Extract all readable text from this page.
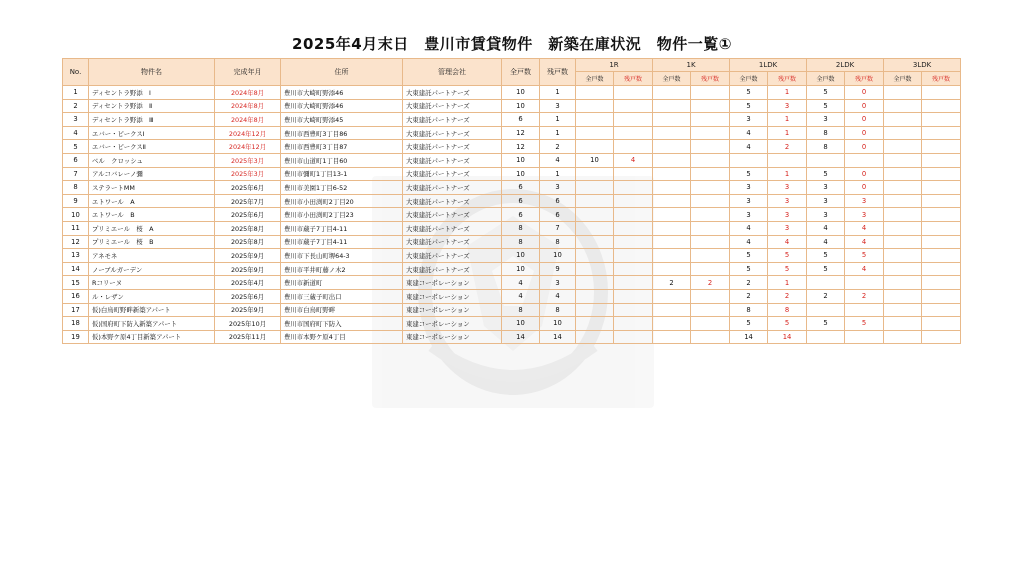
2025年4月末日　豊川市賃貸物件　新築在庫状況　物件一覧①
No.	物件名	完成年月	住所	管理会社	全戸数	残戸数	1R		1K		1LDK		2LDK		3LDK	
							全戸数	残戸数	全戸数	残戸数	全戸数	残戸数	全戸数	残戸数	全戸数	残戸数
1	ディセントラ野添　Ⅰ	2024年8月	豊川市大崎町野添46	大東建託パートナーズ	10	1					5	1	5	0		
2	ディセントラ野添　Ⅱ	2024年8月	豊川市大崎町野添46	大東建託パートナーズ	10	3					5	3	5	0		
3	ディセントラ野添　Ⅲ	2024年8月	豊川市大崎町野添45	大東建託パートナーズ	6	1					3	1	3	0		
4	エバー・ピークスⅠ	2024年12月	豊川市西豊町3丁目86	大東建託パートナーズ	12	1					4	1	8	0		
5	エバー・ピークスⅡ	2024年12月	豊川市西豊町3丁目87	大東建託パートナーズ	12	2					4	2	8	0		
6	ベル　クロッシュ	2025年3月	豊川市山道町1丁目60	大東建託パートナーズ	10	4	10	4								
7	アルコバレーノ彌	2025年3月	豊川市彌町1丁目13-1	大東建託パートナーズ	10	1					5	1	5	0		
8	ステラートMM	2025年6月	豊川市美園1丁目6-52	大東建託パートナーズ	6	3					3	3	3	0		
9	エトワール　A	2025年7月	豊川市小田渕町2丁目20	大東建託パートナーズ	6	6					3	3	3	3		
10	エトワール　B	2025年6月	豊川市小田渕町2丁目23	大東建託パートナーズ	6	6					3	3	3	3		
11	プリミエール　桜　A	2025年8月	豊川市蔵子7丁目4-11	大東建託パートナーズ	8	7					4	3	4	4		
12	プリミエール　桜　B	2025年8月	豊川市蔵子7丁目4-11	大東建託パートナーズ	8	8					4	4	4	4		
13	アネモネ	2025年9月	豊川市下長山町堺64-3	大東建託パートナーズ	10	10					5	5	5	5		
14	ノーブルガーデン	2025年9月	豊川市平井町藤ノ木2	大東建託パートナーズ	10	9					5	5	5	4		
15	Rコリーヌ	2025年4月	豊川市新道町	東建コーポレーション	4	3			2	2	2	1				
16	ル・レザン	2025年6月	豊川市三蔵子町出口	東建コーポレーション	4	4					2	2	2	2		
17	仮)白鳥町野畔新築アパート	2025年9月	豊川市白鳥町野畔	東建コーポレーション	8	8					8	8				
18	仮)国府町下防入新築アパート	2025年10月	豊川市国府町下防入	東建コーポレーション	10	10					5	5	5	5		
19	仮)本野ケ原4丁目新築アパート	2025年11月	豊川市本野ケ原4丁目	東建コーポレーション	14	14					14	14				
